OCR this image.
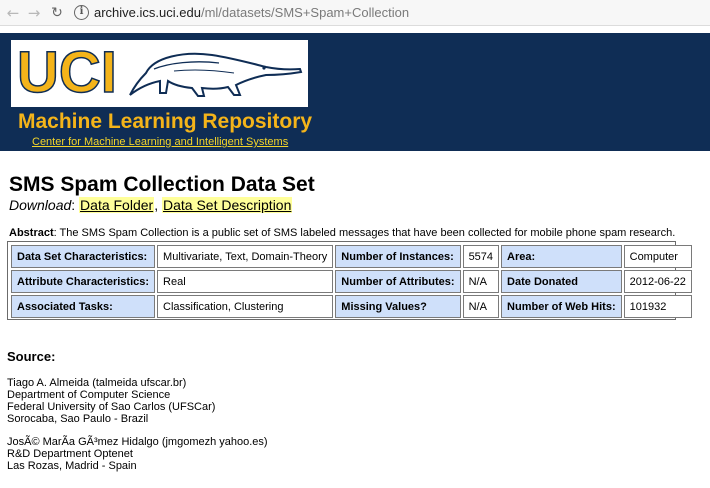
← → ↻	i archive.ics.uci.edu/ml/datasets/SMS+Spam+Collection
UCI
Machine Learning Repository
Center for Machine Learning and Intelligent Systems
SMS Spam Collection Data Set
Download: Data Folder, Data Set Description
Abstract: The SMS Spam Collection is a public set of SMS labeled messages that have been collected for mobile phone spam research.
Data Set Characteristics:	Multivariate, Text, Domain-Theory	Number of Instances:	5574	Area:	Computer
Attribute Characteristics:	Real	Number of Attributes:	N/A	Date Donated	2012-06-22
Associated Tasks:	Classification, Clustering	Missing Values?	N/A	Number of Web Hits:	101932
Source:
Tiago A. Almeida (talmeida ufscar.br)
Department of Computer Science
Federal University of Sao Carlos (UFSCar)
Sorocaba, Sao Paulo - Brazil
JosÃ© MarÃa GÃ³mez Hidalgo (jmgomezh yahoo.es)
R&D Department Optenet
Las Rozas, Madrid - Spain
